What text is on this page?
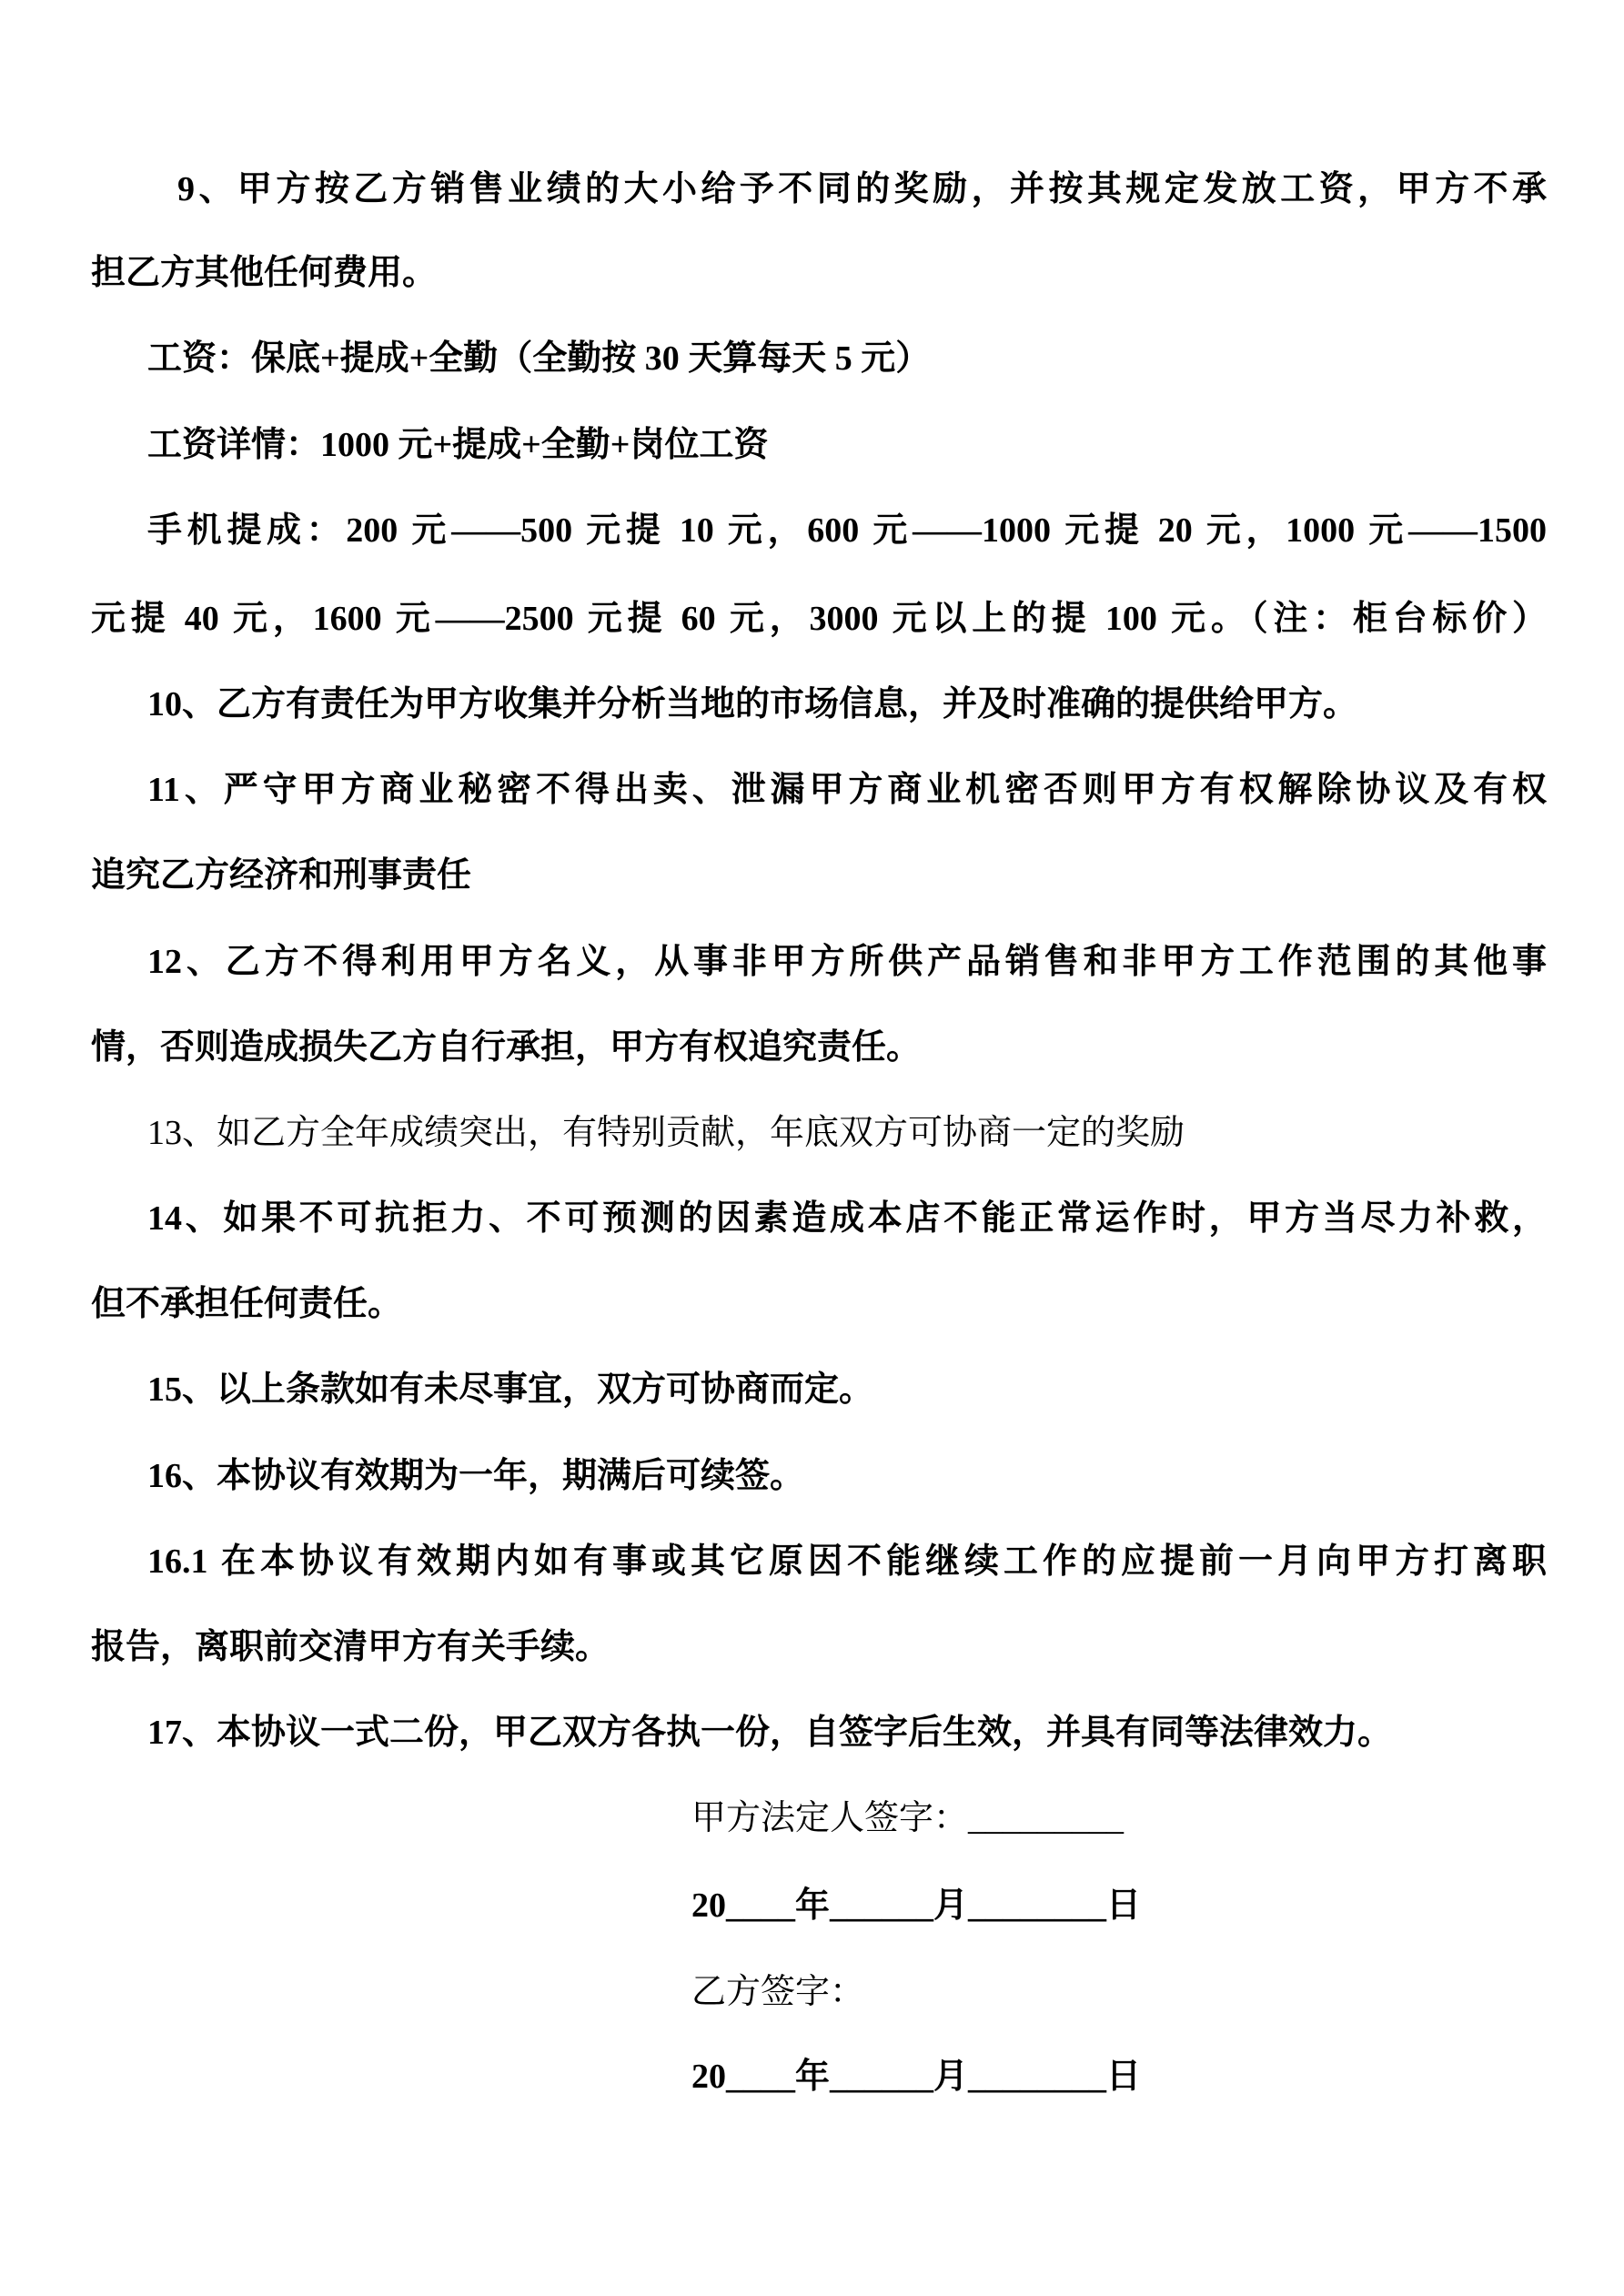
9、甲方按乙方销售业绩的大小给予不同的奖励，并按其规定发放工资，甲方不承
担乙方其他任何费用。
工资：保底+提成+全勤（全勤按 30 天算每天 5 元）
工资详情：1000 元+提成+全勤+岗位工资
手机提成：200 元——500 元提 10 元，600 元——1000 元提 20 元，1000 元——1500
元提 40 元，1600 元——2500 元提 60 元，3000 元以上的提 100 元。（注：柜台标价）
10、乙方有责任为甲方收集并分析当地的市场信息，并及时准确的提供给甲方。
11、严守甲方商业秘密不得出卖、泄漏甲方商业机密否则甲方有权解除协议及有权
追究乙方经济和刑事责任
12、乙方不得利用甲方名义，从事非甲方所供产品销售和非甲方工作范围的其他事
情，否则造成损失乙方自行承担，甲方有权追究责任。
13、如乙方全年成绩突出，有特别贡献，年底双方可协商一定的奖励
14、如果不可抗拒力、不可预测的因素造成本店不能正常运作时，甲方当尽力补救，
但不承担任何责任。
15、以上条款如有未尽事宜，双方可协商而定。
16、本协议有效期为一年，期满后可续签。
16.1 在本协议有效期内如有事或其它原因不能继续工作的应提前一月向甲方打离职
报告，离职前交清甲方有关手续。
17、本协议一式二份，甲乙双方各执一份，自签字后生效，并具有同等法律效力。
甲方法定人签字：_________
20____年______月________日
乙方签字：
20____年______月________日
